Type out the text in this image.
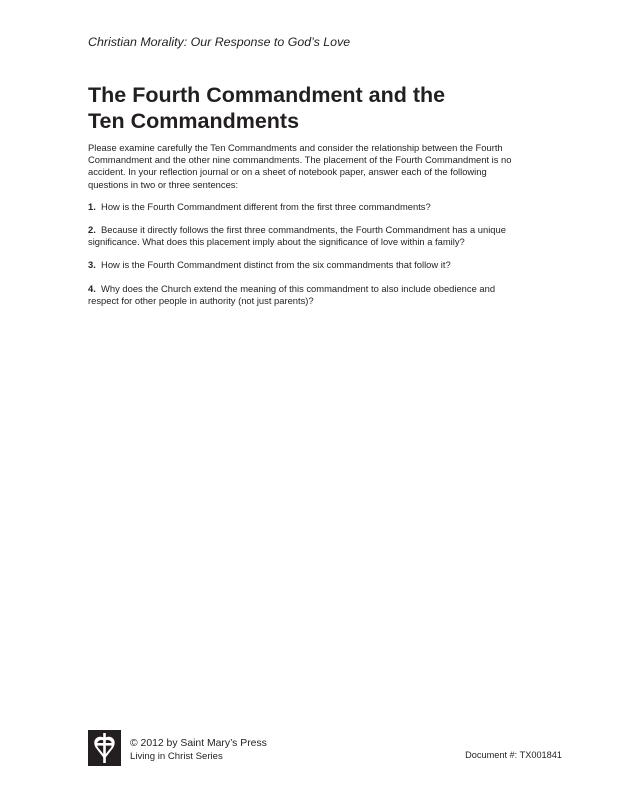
Christian Morality: Our Response to God’s Love
The Fourth Commandment and the
Ten Commandments

Please examine carefully the Ten Commandments and consider the relationship between the Fourth
Commandment and the other nine commandments. The placement of the Fourth Commandment is no
accident. In your reflection journal or on a sheet of notebook paper, answer each of the following
questions in two or three sentences:

1. How is the Fourth Commandment different from the first three commandments?

2. Because it directly follows the first three commandments, the Fourth Commandment has a unique
significance. What does this placement imply about the significance of love within a family?

3. How is the Fourth Commandment distinct from the six commandments that follow it?

4. Why does the Church extend the meaning of this commandment to also include obedience and
respect for other people in authority (not just parents)?

© 2012 by Saint Mary’s Press
Living in Christ Series	Document #: TX001841
